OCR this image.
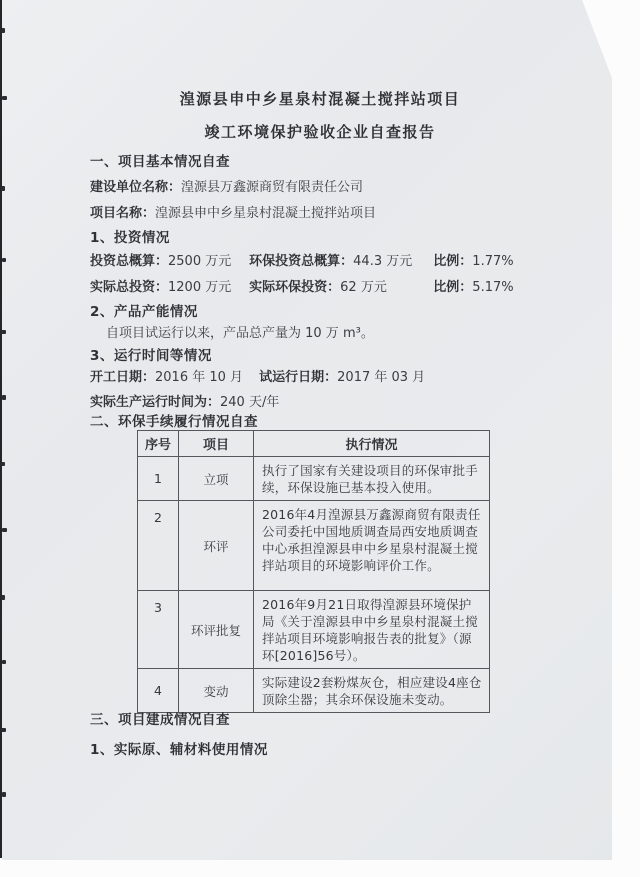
湟源县申中乡星泉村混凝土搅拌站项目
竣工环境保护验收企业自查报告
一、项目基本情况自查
建设单位名称：湟源县万鑫源商贸有限责任公司
项目名称：湟源县申中乡星泉村混凝土搅拌站项目
1、投资情况
投资总概算：2500 万元 环保投资总概算：44.3 万元 比例：1.77%
实际总投资：1200 万元 实际环保投资：62 万元	比例：5.17%
2、产品产能情况
自项目试运行以来，产品总产量为 10 万 m³。
3、运行时间等情况
开工日期：2016 年 10 月 试运行日期：2017 年 03 月
实际生产运行时间为：240 天/年
二、环保手续履行情况自查
序号	项目	执行情况
1	立项	执行了国家有关建设项目的环保审批手续，环保设施已基本投入使用。
2	环评	2016年4月湟源县万鑫源商贸有限责任公司委托中国地质调查局西安地质调查中心承担湟源县申中乡星泉村混凝土搅拌站项目的环境影响评价工作。
3	环评批复	2016年9月21日取得湟源县环境保护局《关于湟源县申中乡星泉村混凝土搅拌站项目环境影响报告表的批复》（源环[2016]56号）。
4	变动	实际建设2套粉煤灰仓，相应建设4座仓顶除尘器；其余环保设施未变动。
三、项目建成情况自查
1、实际原、辅材料使用情况
